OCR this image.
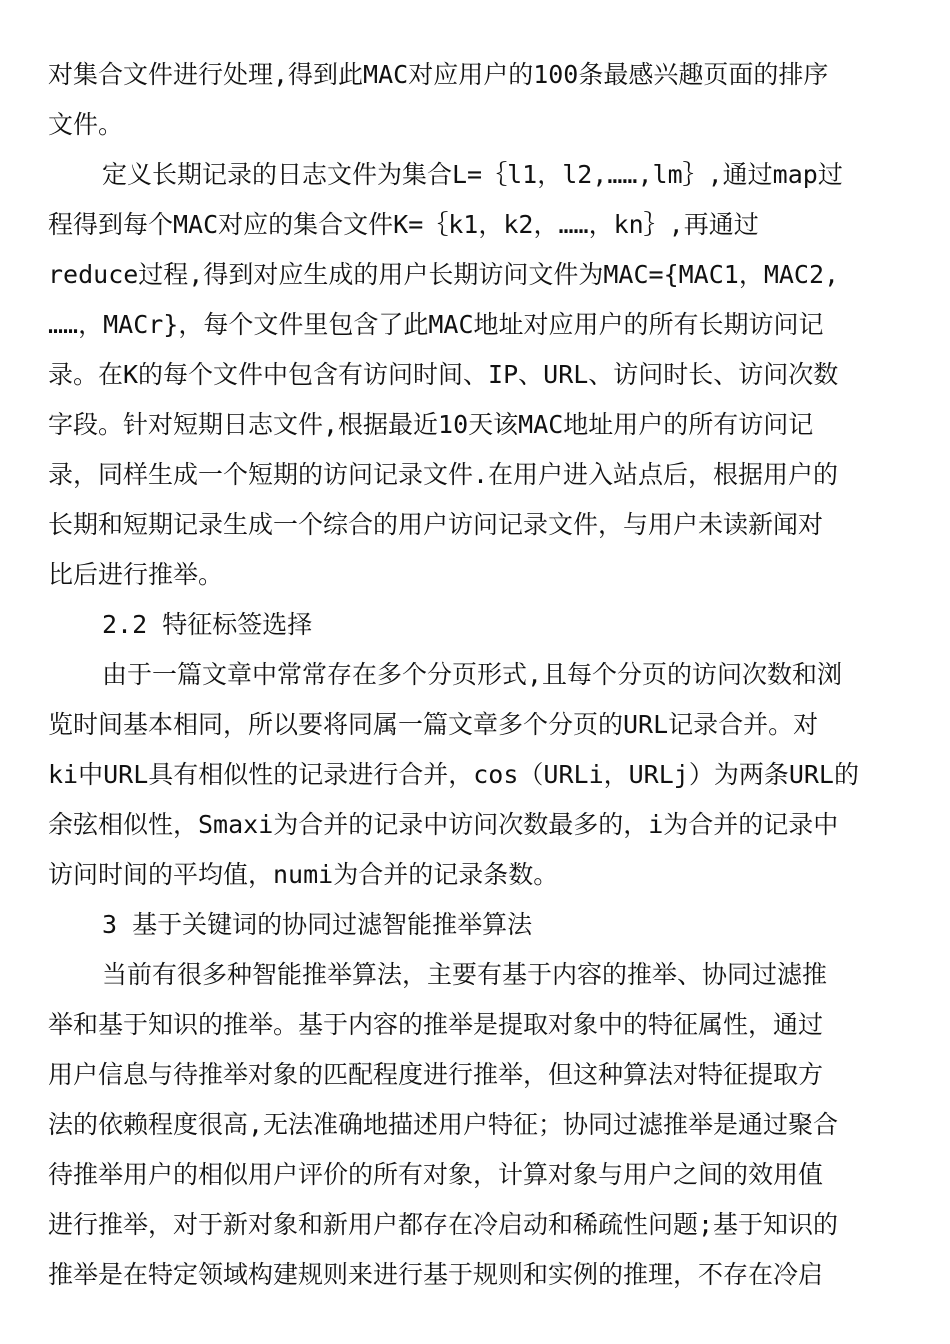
对集合文件进行处理,得到此MAC对应用户的100条最感兴趣页面的排序
文件。
定义长期记录的日志文件为集合L=｛l1，l2,……,lm｝,通过map过
程得到每个MAC对应的集合文件K=｛k1，k2，……，kn｝,再通过
reduce过程,得到对应生成的用户长期访问文件为MAC={MAC1，MAC2,
……，MACr}，每个文件里包含了此MAC地址对应用户的所有长期访问记
录。在K的每个文件中包含有访问时间、IP、URL、访问时长、访问次数
字段。针对短期日志文件,根据最近10天该MAC地址用户的所有访问记
录，同样生成一个短期的访问记录文件.在用户进入站点后，根据用户的
长期和短期记录生成一个综合的用户访问记录文件，与用户未读新闻对
比后进行推举。
2.2 特征标签选择
由于一篇文章中常常存在多个分页形式,且每个分页的访问次数和浏
览时间基本相同，所以要将同属一篇文章多个分页的URL记录合并。对
ki中URL具有相似性的记录进行合并，cos（URLi，URLj）为两条URL的
余弦相似性，Smaxi为合并的记录中访问次数最多的，i为合并的记录中
访问时间的平均值，numi为合并的记录条数。
3 基于关键词的协同过滤智能推举算法
当前有很多种智能推举算法，主要有基于内容的推举、协同过滤推
举和基于知识的推举。基于内容的推举是提取对象中的特征属性，通过
用户信息与待推举对象的匹配程度进行推举，但这种算法对特征提取方
法的依赖程度很高,无法准确地描述用户特征；协同过滤推举是通过聚合
待推举用户的相似用户评价的所有对象，计算对象与用户之间的效用值
进行推举，对于新对象和新用户都存在冷启动和稀疏性问题;基于知识的
推举是在特定领域构建规则来进行基于规则和实例的推理，不存在冷启
